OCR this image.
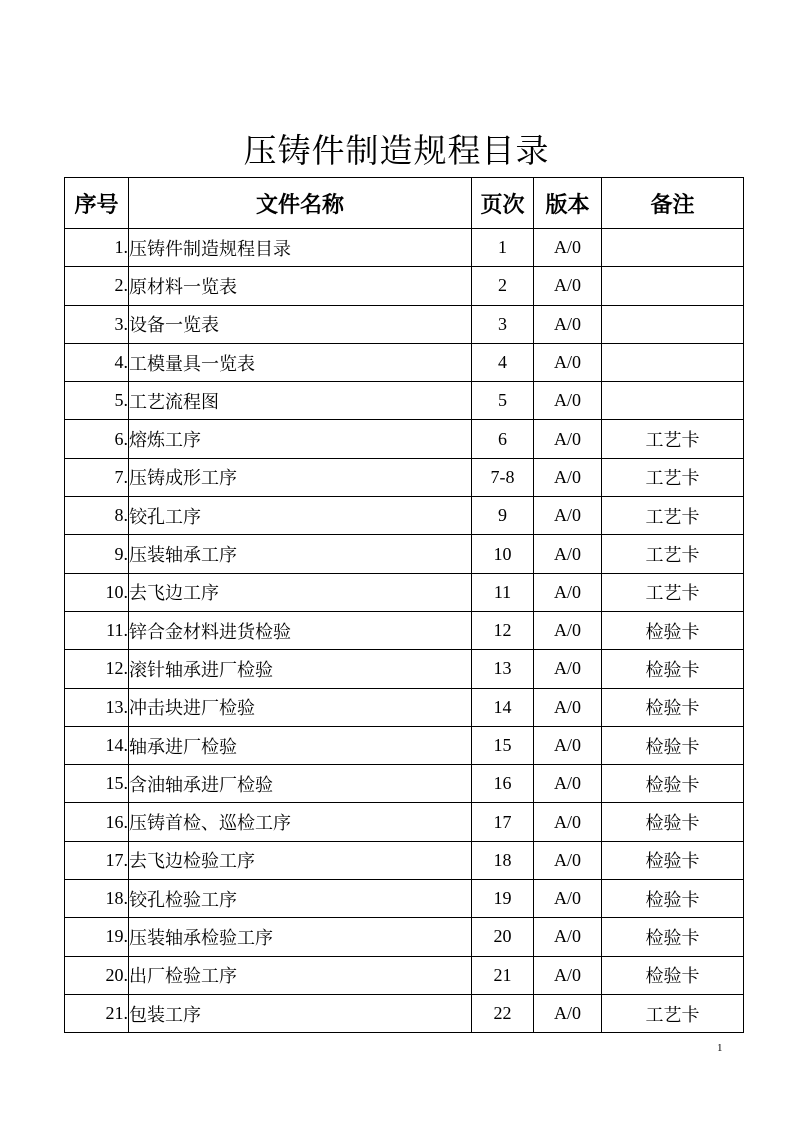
压铸件制造规程目录
序号	文件名称	页次	版本	备注
1.	压铸件制造规程目录	1	A/0	
2.	原材料一览表	2	A/0	
3.	设备一览表	3	A/0	
4.	工模量具一览表	4	A/0	
5.	工艺流程图	5	A/0	
6.	熔炼工序	6	A/0	工艺卡
7.	压铸成形工序	7-8	A/0	工艺卡
8.	铰孔工序	9	A/0	工艺卡
9.	压装轴承工序	10	A/0	工艺卡
10.	去飞边工序	11	A/0	工艺卡
11.	锌合金材料进货检验	12	A/0	检验卡
12.	滚针轴承进厂检验	13	A/0	检验卡
13.	冲击块进厂检验	14	A/0	检验卡
14.	轴承进厂检验	15	A/0	检验卡
15.	含油轴承进厂检验	16	A/0	检验卡
16.	压铸首检、巡检工序	17	A/0	检验卡
17.	去飞边检验工序	18	A/0	检验卡
18.	铰孔检验工序	19	A/0	检验卡
19.	压装轴承检验工序	20	A/0	检验卡
20.	出厂检验工序	21	A/0	检验卡
21.	包装工序	22	A/0	工艺卡
1
